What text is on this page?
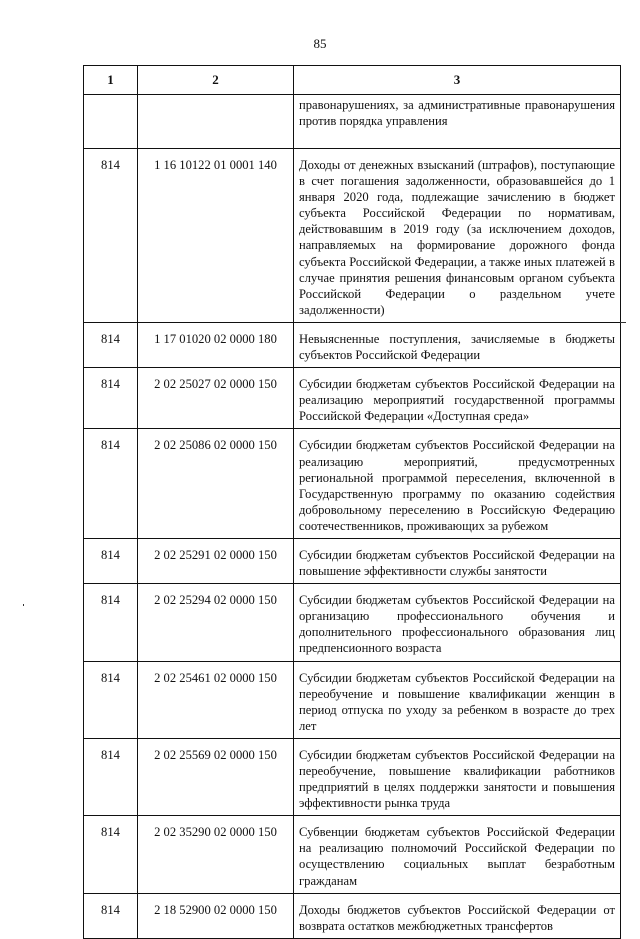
85
1	2	3
		правонарушениях, за административные правонарушения против порядка управления
814	1 16 10122 01 0001 140	Доходы от денежных взысканий (штрафов), поступающие в счет погашения задолженности, образовавшейся до 1 января 2020 года, подлежащие зачислению в бюджет субъекта Российской Федерации по нормативам, действовавшим в 2019 году (за исключением доходов, направляемых на формирование дорожного фонда субъекта Российской Федерации, а также иных платежей в случае принятия решения финансовым органом субъекта Российской Федерации о раздельном учете задолженности)
814	1 17 01020 02 0000 180	Невыясненные поступления, зачисляемые в бюджеты субъектов Российской Федерации
814	2 02 25027 02 0000 150	Субсидии бюджетам субъектов Российской Федерации на реализацию мероприятий государственной программы Российской Федерации «Доступная среда»
814	2 02 25086 02 0000 150	Субсидии бюджетам субъектов Российской Федерации на реализацию мероприятий, предусмотренных региональной программой переселения, включенной в Государственную программу по оказанию содействия добровольному переселению в Российскую Федерацию соотечественников, проживающих за рубежом
814	2 02 25291 02 0000 150	Субсидии бюджетам субъектов Российской Федерации на повышение эффективности службы занятости
814	2 02 25294 02 0000 150	Субсидии бюджетам субъектов Российской Федерации на организацию профессионального обучения и дополнительного профессионального образования лиц предпенсионного возраста
814	2 02 25461 02 0000 150	Субсидии бюджетам субъектов Российской Федерации на переобучение и повышение квалификации женщин в период отпуска по уходу за ребенком в возрасте до трех лет
814	2 02 25569 02 0000 150	Субсидии бюджетам субъектов Российской Федерации на переобучение, повышение квалификации работников предприятий в целях поддержки занятости и повышения эффективности рынка труда
814	2 02 35290 02 0000 150	Субвенции бюджетам субъектов Российской Федерации на реализацию полномочий Российской Федерации по осуществлению социальных выплат безработным гражданам
814	2 18 52900 02 0000 150	Доходы бюджетов субъектов Российской Федерации от возврата остатков межбюджетных трансфертов
